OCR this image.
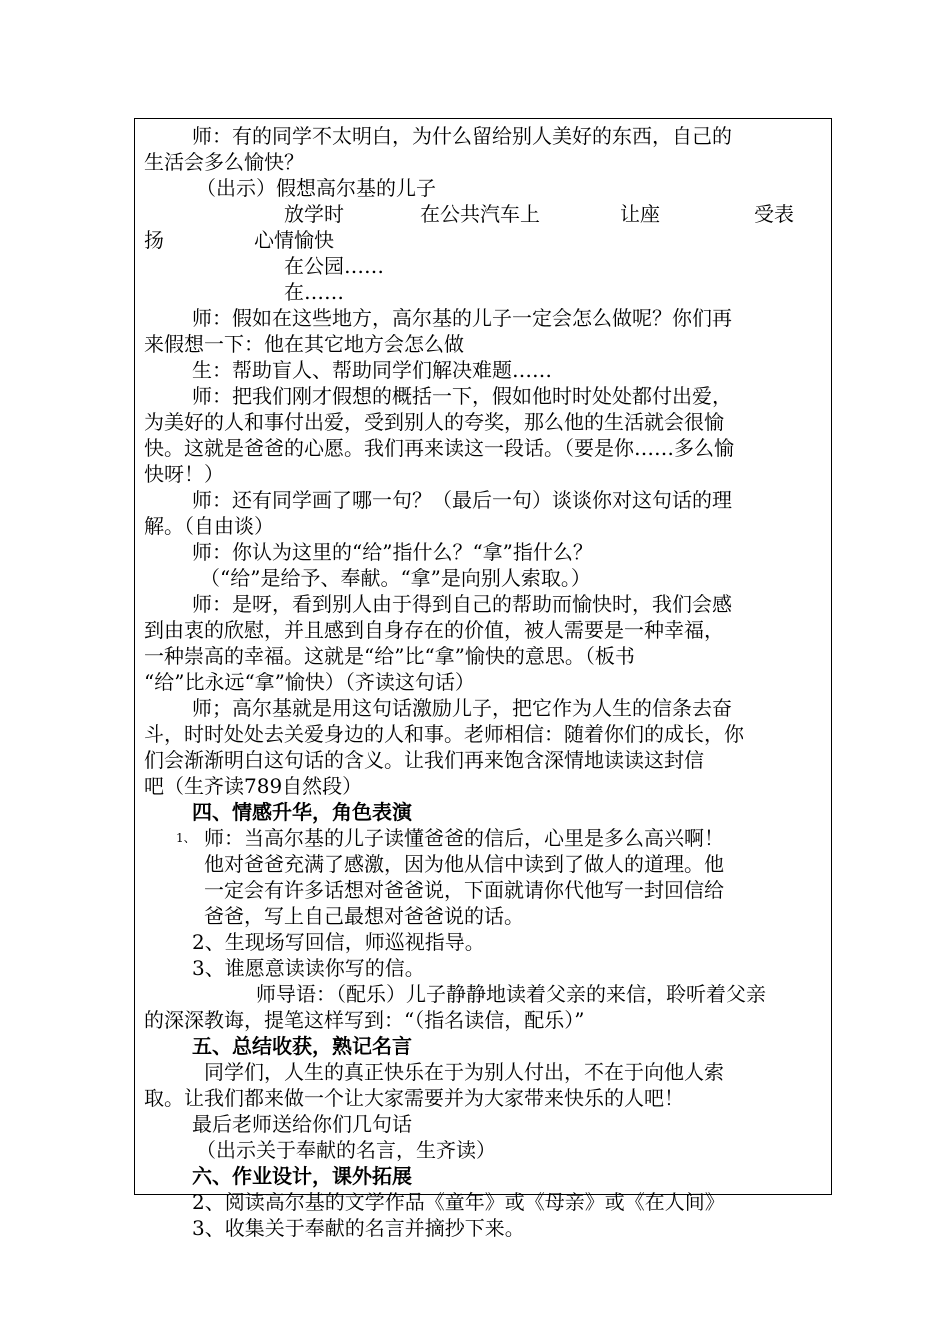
师：有的同学不太明白，为什么留给别人美好的东西，自己的
生活会多么愉快？
（出示）假想高尔基的儿子
放学时	在公共汽车上	让座	受表
扬	心情愉快
在公园……
在……
师：假如在这些地方，高尔基的儿子一定会怎么做呢？你们再
来假想一下：他在其它地方会怎么做
生：帮助盲人、帮助同学们解决难题……
师：把我们刚才假想的概括一下，假如他时时处处都付出爱，
为美好的人和事付出爱，受到别人的夸奖，那么他的生活就会很愉
快。这就是爸爸的心愿。我们再来读这一段话。（要是你……多么愉
快呀！）
师：还有同学画了哪一句？（最后一句）谈谈你对这句话的理
解。（自由谈）
师：你认为这里的“给”指什么？“拿”指什么？
（“给”是给予、奉献。“拿”是向别人索取。）
师：是呀，看到别人由于得到自己的帮助而愉快时，我们会感
到由衷的欣慰，并且感到自身存在的价值，被人需要是一种幸福，
一种崇高的幸福。这就是“给”比“拿”愉快的意思。（板书
“给”比永远“拿”愉快）（齐读这句话）
师；高尔基就是用这句话激励儿子，把它作为人生的信条去奋
斗，时时处处去关爱身边的人和事。老师相信：随着你们的成长，你
们会渐渐明白这句话的含义。让我们再来饱含深情地读读这封信
吧（生齐读789自然段）
四、情感升华，角色表演
1、 师：当高尔基的儿子读懂爸爸的信后，心里是多么高兴啊！
他对爸爸充满了感激，因为他从信中读到了做人的道理。他
一定会有许多话想对爸爸说，下面就请你代他写一封回信给
爸爸，写上自己最想对爸爸说的话。
2、生现场写回信，师巡视指导。
3、谁愿意读读你写的信。
师导语：（配乐）儿子静静地读着父亲的来信，聆听着父亲
的深深教诲，提笔这样写到：“（指名读信，配乐）”
五、总结收获，熟记名言
同学们，人生的真正快乐在于为别人付出，不在于向他人索
取。让我们都来做一个让大家需要并为大家带来快乐的人吧！
最后老师送给你们几句话
（出示关于奉献的名言，生齐读）
六、作业设计，课外拓展
2、阅读高尔基的文学作品《童年》或《母亲》或《在人间》
3、收集关于奉献的名言并摘抄下来。
